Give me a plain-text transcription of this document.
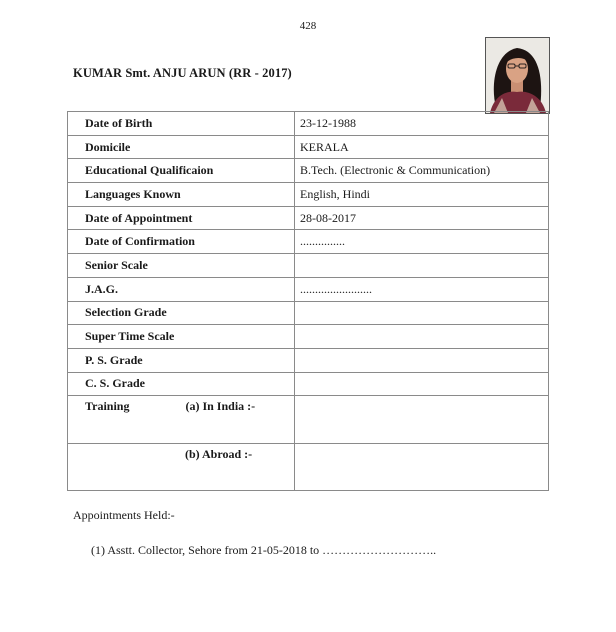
428
KUMAR Smt. ANJU ARUN (RR - 2017)
Date of Birth	23-12-1988
Domicile	KERALA
Educational Qualificaion	B.Tech. (Electronic & Communication)
Languages Known	English, Hindi
Date of Appointment	28-08-2017
Date of Confirmation	...............
Senior Scale	
J.A.G.	........................
Selection Grade	
Super Time Scale	
P. S. Grade	
C. S. Grade	
Training (a) In India :-	
(b) Abroad :-	
Appointments Held:-
(1) Asstt. Collector, Sehore from 21-05-2018 to ………………………..
